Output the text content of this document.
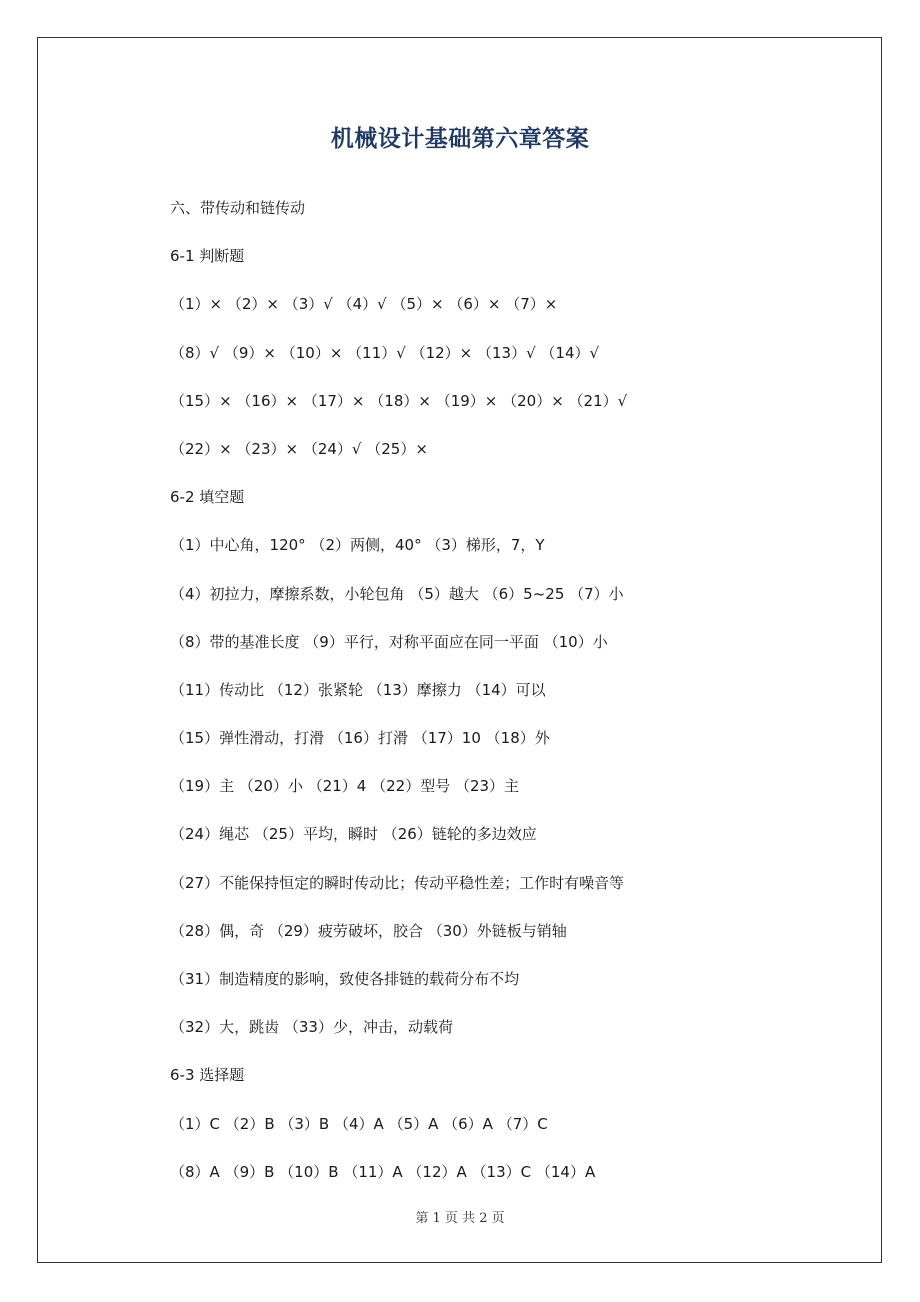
机械设计基础第六章答案
六、带传动和链传动
6-1 判断题
（1）× （2）× （3）√ （4）√ （5）× （6）× （7）×
（8）√ （9）× （10）× （11）√ （12）× （13）√ （14）√
（15）× （16）× （17）× （18）× （19）× （20）× （21）√
（22）× （23）× （24）√ （25）×
6-2 填空题
（1）中心角，120° （2）两侧，40° （3）梯形，7，Y
（4）初拉力，摩擦系数，小轮包角 （5）越大 （6）5~25 （7）小
（8）带的基准长度 （9）平行，对称平面应在同一平面 （10）小
（11）传动比 （12）张紧轮 （13）摩擦力 （14）可以
（15）弹性滑动，打滑 （16）打滑 （17）10 （18）外
（19）主 （20）小 （21）4 （22）型号 （23）主
（24）绳芯 （25）平均，瞬时 （26）链轮的多边效应
（27）不能保持恒定的瞬时传动比；传动平稳性差；工作时有噪音等
（28）偶，奇 （29）疲劳破坏，胶合 （30）外链板与销轴
（31）制造精度的影响，致使各排链的载荷分布不均
（32）大，跳齿 （33）少，冲击，动载荷
6-3 选择题
（1）C （2）B （3）B （4）A （5）A （6）A （7）C
（8）A （9）B （10）B （11）A （12）A （13）C （14）A
第 1 页 共 2 页
